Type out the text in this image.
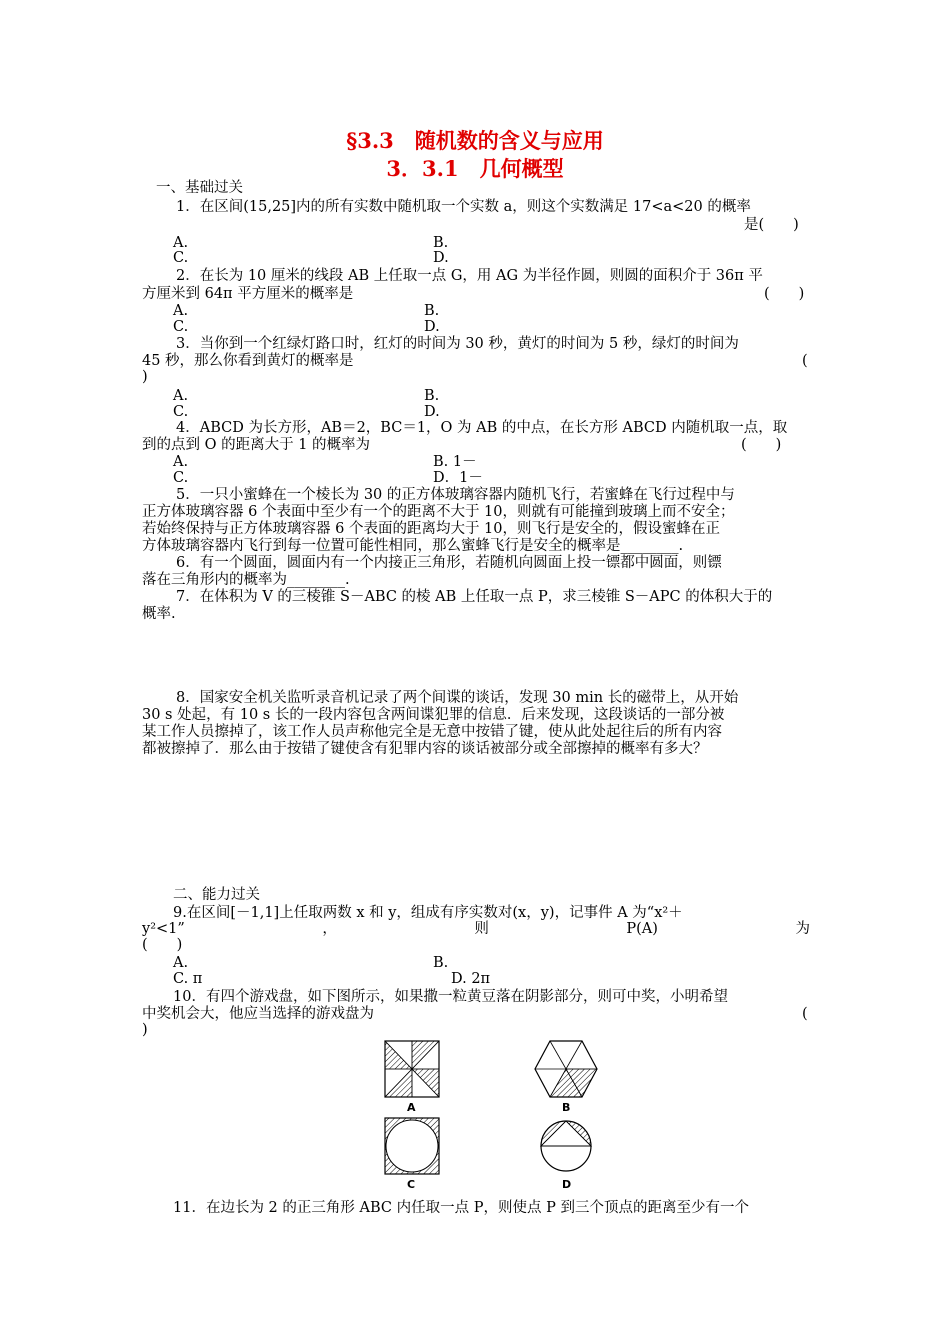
§3.3　随机数的含义与应用
3．3.1　几何概型
一、基础过关
1．在区间(15,25]内的所有实数中随机取一个实数 a，则这个实数满足 17<a<20 的概率
是(　　)
A.	B.
C.	D.
2．在长为 10 厘米的线段 AB 上任取一点 G，用 AG 为半径作圆，则圆的面积介于 36π 平
方厘米到 64π 平方厘米的概率是	(　　)
A.	B.
C.	D.
3．当你到一个红绿灯路口时，红灯的时间为 30 秒，黄灯的时间为 5 秒，绿灯的时间为
45 秒，那么你看到黄灯的概率是	(
)
A.	B.
C.	D.
4．ABCD 为长方形，AB＝2，BC＝1，O 为 AB 的中点，在长方形 ABCD 内随机取一点，取
到的点到 O 的距离大于 1 的概率为	(　　)
A.	B. 1－
C.	D．1－
5．一只小蜜蜂在一个棱长为 30 的正方体玻璃容器内随机飞行，若蜜蜂在飞行过程中与
正方体玻璃容器 6 个表面中至少有一个的距离不大于 10，则就有可能撞到玻璃上而不安全；
若始终保持与正方体玻璃容器 6 个表面的距离均大于 10，则飞行是安全的，假设蜜蜂在正
方体玻璃容器内飞行到每一位置可能性相同，那么蜜蜂飞行是安全的概率是________.
6．有一个圆面，圆面内有一个内接正三角形，若随机向圆面上投一镖都中圆面，则镖
落在三角形内的概率为________.
7．在体积为 V 的三棱锥 S－ABC 的棱 AB 上任取一点 P，求三棱锥 S－APC 的体积大于的
概率.
8．国家安全机关监听录音机记录了两个间谍的谈话，发现 30 min 长的磁带上，从开始
30 s 处起，有 10 s 长的一段内容包含两间谍犯罪的信息．后来发现，这段谈话的一部分被
某工作人员擦掉了，该工作人员声称他完全是无意中按错了键，使从此处起往后的所有内容
都被擦掉了．那么由于按错了键使含有犯罪内容的谈话被部分或全部擦掉的概率有多大？
二、能力过关
9.在区间[－1,1]上任取两数 x 和 y，组成有序实数对(x，y)，记事件 A 为“x²＋
y²<1”	，	则	P(A)	为
(　　)
A.	B.
C. π	D. 2π
10．有四个游戏盘，如下图所示，如果撒一粒黄豆落在阴影部分，则可中奖，小明希望
中奖机会大，他应当选择的游戏盘为	(
)
A	B
C	D
11．在边长为 2 的正三角形 ABC 内任取一点 P，则使点 P 到三个顶点的距离至少有一个
